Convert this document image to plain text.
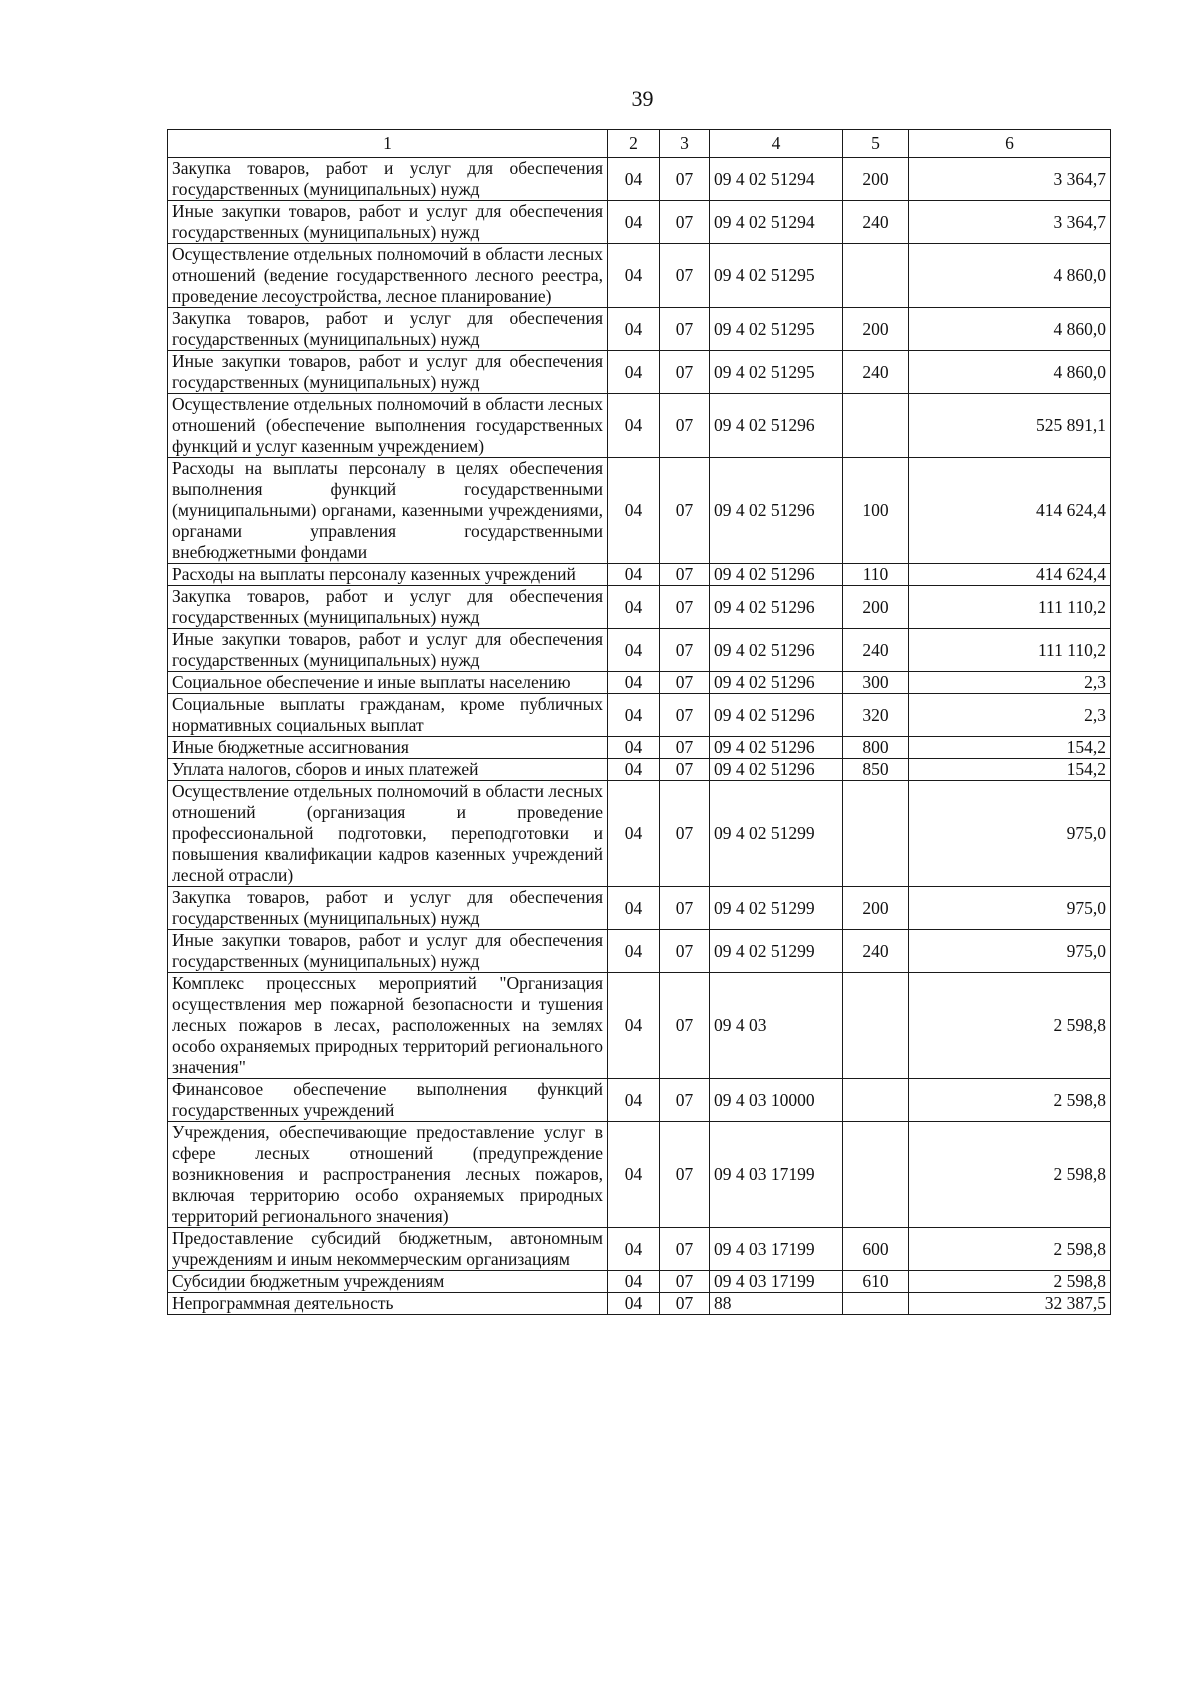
39
1	2	3	4	5	6
Закупка товаров, работ и услуг для обеспечения государственных (муниципальных) нужд	04	07	09 4 02 51294	200	3 364,7
Иные закупки товаров, работ и услуг для обеспечения государственных (муниципальных) нужд	04	07	09 4 02 51294	240	3 364,7
Осуществление отдельных полномочий в области лесных отношений (ведение государственного лесного реестра, проведение лесоустройства, лесное планирование)	04	07	09 4 02 51295		4 860,0
Закупка товаров, работ и услуг для обеспечения государственных (муниципальных) нужд	04	07	09 4 02 51295	200	4 860,0
Иные закупки товаров, работ и услуг для обеспечения государственных (муниципальных) нужд	04	07	09 4 02 51295	240	4 860,0
Осуществление отдельных полномочий в области лесных отношений (обеспечение выполнения государственных функций и услуг казенным учреждением)	04	07	09 4 02 51296		525 891,1
Расходы на выплаты персоналу в целях обеспечения выполнения функций государственными (муниципальными) органами, казенными учреждениями, органами управления государственными внебюджетными фондами	04	07	09 4 02 51296	100	414 624,4
Расходы на выплаты персоналу казенных учреждений	04	07	09 4 02 51296	110	414 624,4
Закупка товаров, работ и услуг для обеспечения государственных (муниципальных) нужд	04	07	09 4 02 51296	200	111 110,2
Иные закупки товаров, работ и услуг для обеспечения государственных (муниципальных) нужд	04	07	09 4 02 51296	240	111 110,2
Социальное обеспечение и иные выплаты населению	04	07	09 4 02 51296	300	2,3
Социальные выплаты гражданам, кроме публичных нормативных социальных выплат	04	07	09 4 02 51296	320	2,3
Иные бюджетные ассигнования	04	07	09 4 02 51296	800	154,2
Уплата налогов, сборов и иных платежей	04	07	09 4 02 51296	850	154,2
Осуществление отдельных полномочий в области лесных отношений (организация и проведение профессиональной подготовки, переподготовки и повышения квалификации кадров казенных учреждений лесной отрасли)	04	07	09 4 02 51299		975,0
Закупка товаров, работ и услуг для обеспечения государственных (муниципальных) нужд	04	07	09 4 02 51299	200	975,0
Иные закупки товаров, работ и услуг для обеспечения государственных (муниципальных) нужд	04	07	09 4 02 51299	240	975,0
Комплекс процессных мероприятий "Организация осуществления мер пожарной безопасности и тушения лесных пожаров в лесах, расположенных на землях особо охраняемых природных территорий регионального значения"	04	07	09 4 03		2 598,8
Финансовое обеспечение выполнения функций государственных учреждений	04	07	09 4 03 10000		2 598,8
Учреждения, обеспечивающие предоставление услуг в сфере лесных отношений (предупреждение возникновения и распространения лесных пожаров, включая территорию особо охраняемых природных территорий регионального значения)	04	07	09 4 03 17199		2 598,8
Предоставление субсидий бюджетным, автономным учреждениям и иным некоммерческим организациям	04	07	09 4 03 17199	600	2 598,8
Субсидии бюджетным учреждениям	04	07	09 4 03 17199	610	2 598,8
Непрограммная деятельность	04	07	88		32 387,5
